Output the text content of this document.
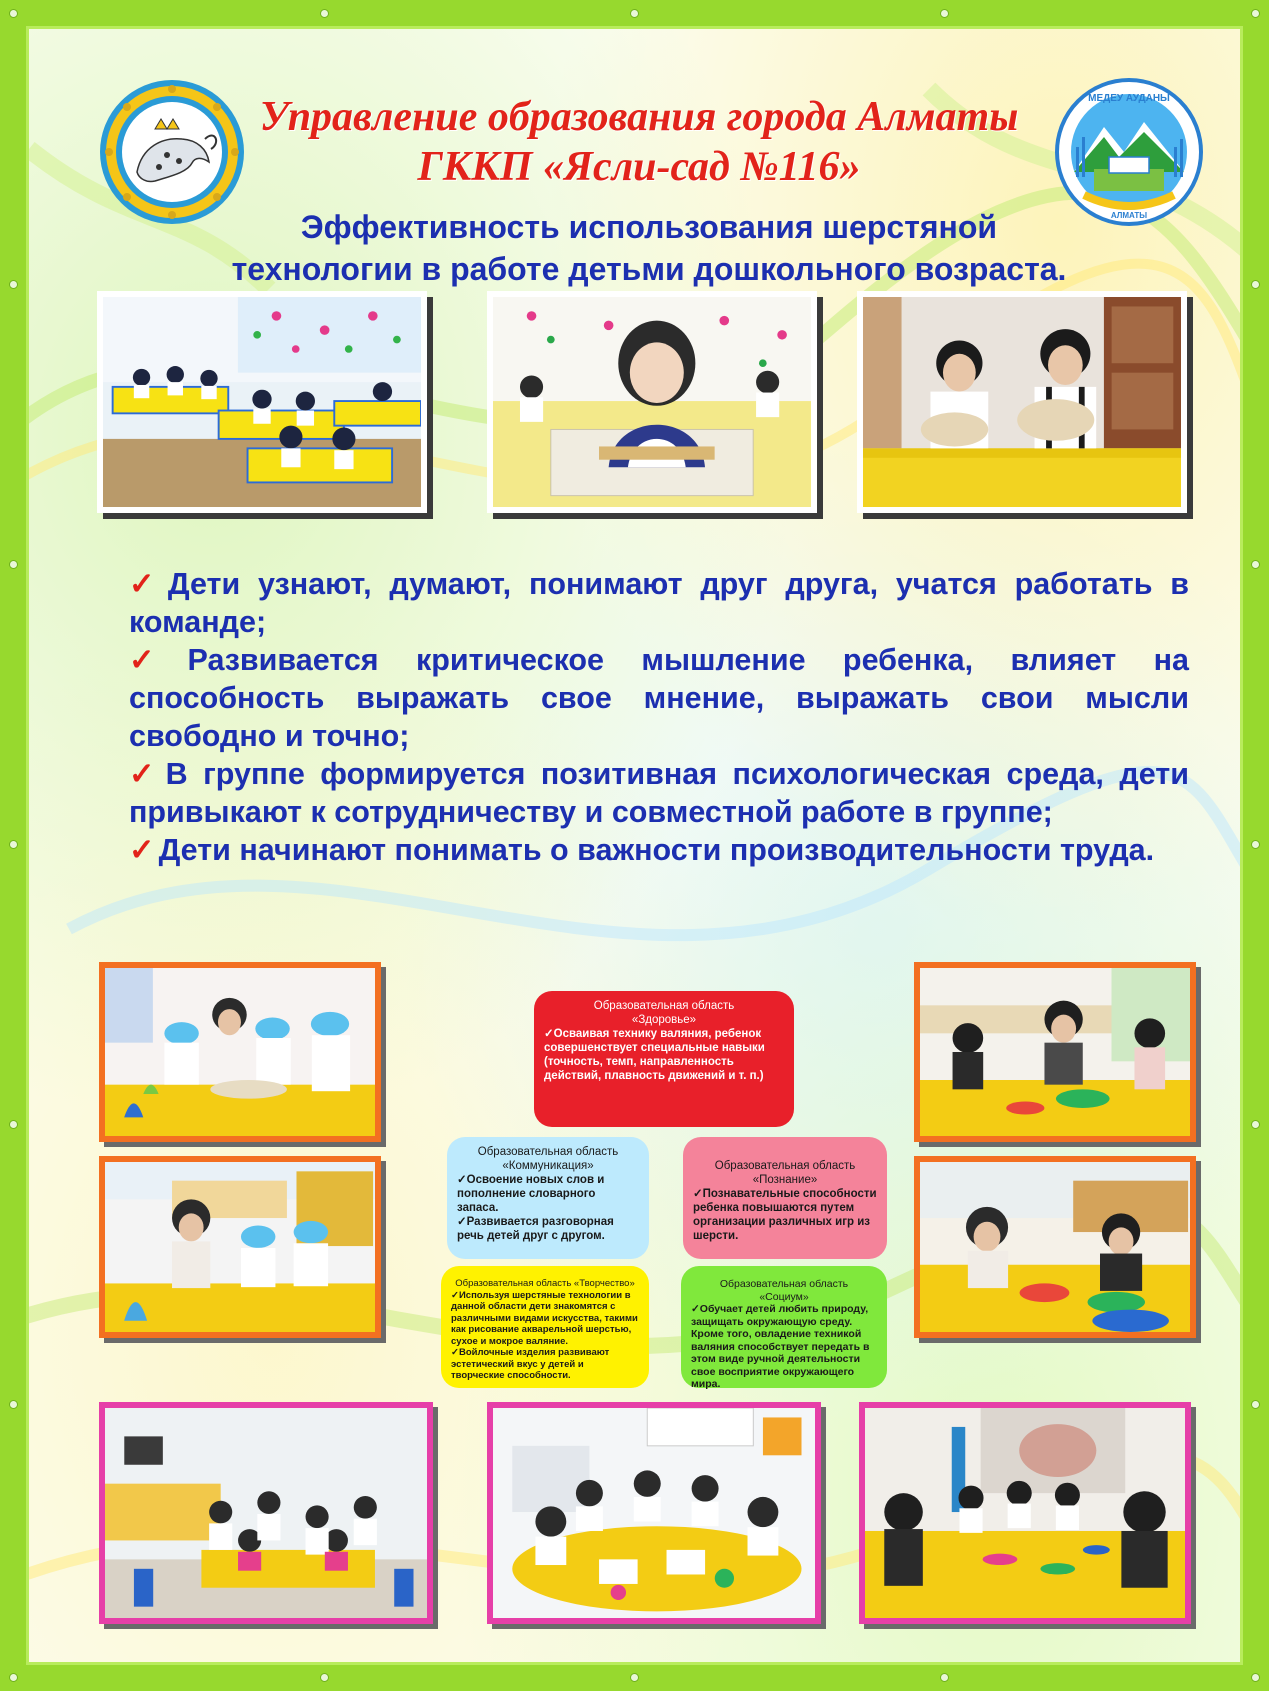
МЕДЕУ АУДАНЫ
АЛМАТЫ
Управление образования города Алматы
ГККП «Ясли-сад №116»
Эффективность использования шерстяной
технологии в работе детьми дошкольного возраста.
✓ Дети узнают, думают, понимают друг друга, учатся работать в команде;
✓ Развивается критическое мышление ребенка, влияет на способность выражать свое мнение, выражать свои мысли свободно и точно;
✓ В группе формируется позитивная психологическая среда, дети привыкают к сотрудничеству и совместной работе в группе;
✓ Дети начинают понимать о важности производительности труда.
Образовательная область
«Здоровье»
✓Осваивая технику валяния, ребенок совершенствует специальные навыки (точность, темп, направленность действий, плавность движений и т. п.)
Образовательная область
«Коммуникация»
✓Освоение новых слов и пополнение словарного запаса.
✓Развивается разговорная речь детей друг с другом.
Образовательная область
«Познание»
✓Познавательные способности ребенка повышаются путем организации различных игр из шерсти.
Образовательная область «Творчество»
✓Используя шерстяные технологии в данной области дети знакомятся с различными видами искусства, такими как рисование акварельной шерстью, сухое и мокрое валяние.
✓Войлочные изделия развивают эстетический вкус у детей и творческие способности.
Образовательная область
«Социум»
✓Обучает детей любить природу, защищать окружающую среду. Кроме того, овладение техникой валяния способствует передать в этом виде ручной деятельности свое восприятие окружающего мира.
